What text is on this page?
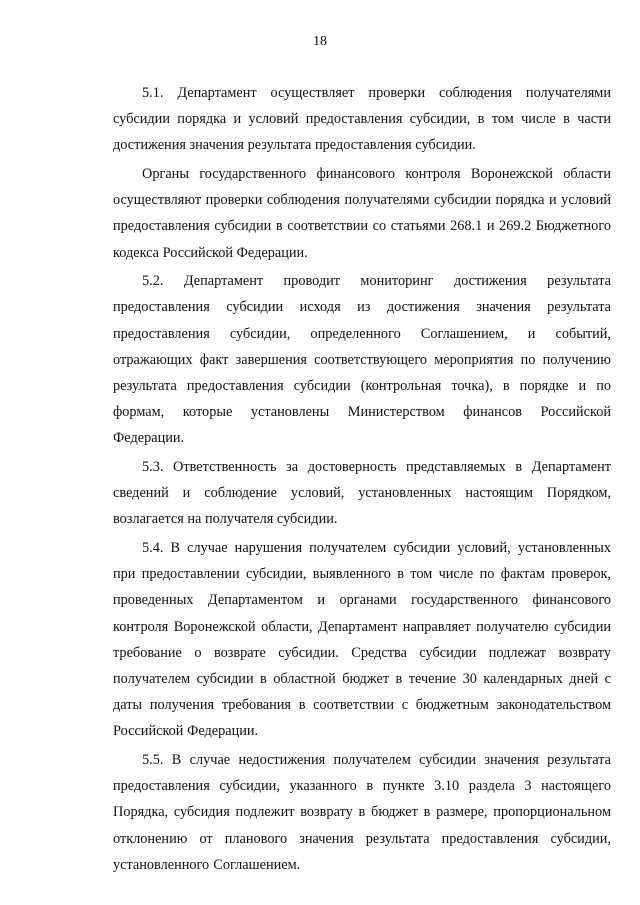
18

5.1. Департамент осуществляет проверки соблюдения получателями субсидии порядка и условий предоставления субсидии, в том числе в части достижения значения результата предоставления субсидии.

Органы государственного финансового контроля Воронежской области осуществляют проверки соблюдения получателями субсидии порядка и условий предоставления субсидии в соответствии со статьями 268.1 и 269.2 Бюджетного кодекса Российской Федерации.

5.2. Департамент проводит мониторинг достижения результата предоставления субсидии исходя из достижения значения результата предоставления субсидии, определенного Соглашением, и событий, отражающих факт завершения соответствующего мероприятия по получению результата предоставления субсидии (контрольная точка), в порядке и по формам, которые установлены Министерством финансов Российской Федерации.

5.3. Ответственность за достоверность представляемых в Департамент сведений и соблюдение условий, установленных настоящим Порядком, возлагается на получателя субсидии.

5.4. В случае нарушения получателем субсидии условий, установленных при предоставлении субсидии, выявленного в том числе по фактам проверок, проведенных Департаментом и органами государственного финансового контроля Воронежской области, Департамент направляет получателю субсидии требование о возврате субсидии. Средства субсидии подлежат возврату получателем субсидии в областной бюджет в течение 30 календарных дней с даты получения требования в соответствии с бюджетным законодательством Российской Федерации.

5.5. В случае недостижения получателем субсидии значения результата предоставления субсидии, указанного в пункте 3.10 раздела 3 настоящего Порядка, субсидия подлежит возврату в бюджет в размере, пропорциональном отклонению от планового значения результата предоставления субсидии, установленного Соглашением.
